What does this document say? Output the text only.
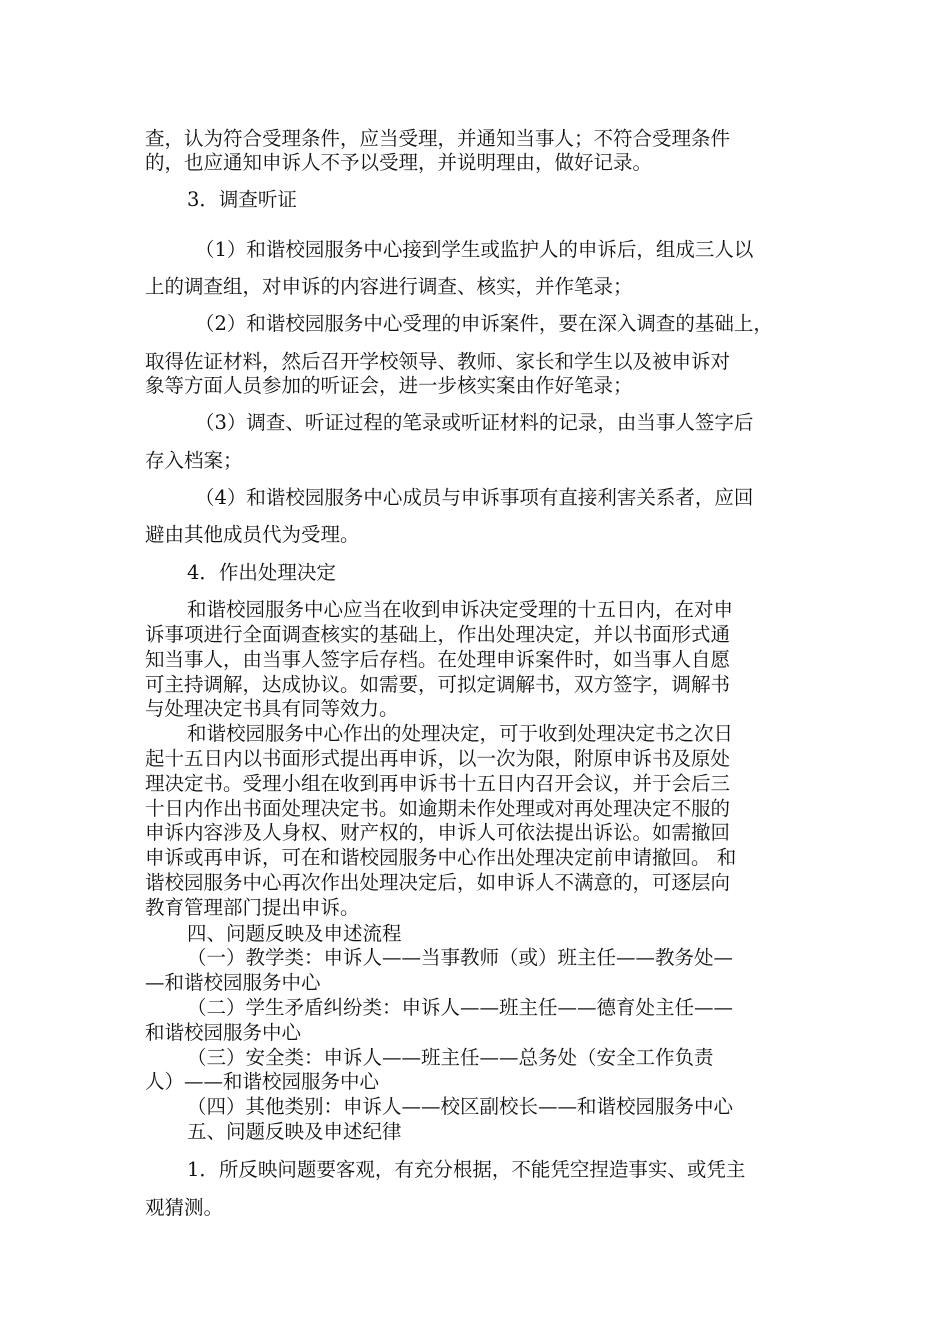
查，认为符合受理条件，应当受理，并通知当事人；不符合受理条件

的，也应通知申诉人不予以受理，并说明理由，做好记录。

3．调查听证

（1）和谐校园服务中心接到学生或监护人的申诉后，组成三人以

上的调查组，对申诉的内容进行调查、核实，并作笔录；

（2）和谐校园服务中心受理的申诉案件，要在深入调查的基础上，

取得佐证材料，然后召开学校领导、教师、家长和学生以及被申诉对

象等方面人员参加的听证会，进一步核实案由作好笔录；

（3）调查、听证过程的笔录或听证材料的记录，由当事人签字后

存入档案；

（4）和谐校园服务中心成员与申诉事项有直接利害关系者，应回

避由其他成员代为受理。

4．作出处理决定

和谐校园服务中心应当在收到申诉决定受理的十五日内，在对申

诉事项进行全面调查核实的基础上，作出处理决定，并以书面形式通

知当事人，由当事人签字后存档。在处理申诉案件时，如当事人自愿

可主持调解，达成协议。如需要，可拟定调解书，双方签字，调解书

与处理决定书具有同等效力。

和谐校园服务中心作出的处理决定，可于收到处理决定书之次日

起十五日内以书面形式提出再申诉，以一次为限，附原申诉书及原处

理决定书。受理小组在收到再申诉书十五日内召开会议，并于会后三

十日内作出书面处理决定书。如逾期未作处理或对再处理决定不服的

申诉内容涉及人身权、财产权的，申诉人可依法提出诉讼。如需撤回

申诉或再申诉，可在和谐校园服务中心作出处理决定前申请撤回。 和

谐校园服务中心再次作出处理决定后，如申诉人不满意的，可逐层向

教育管理部门提出申诉。

四、问题反映及申述流程

（一）教学类：申诉人——当事教师（或）班主任——教务处—

—和谐校园服务中心

（二）学生矛盾纠纷类：申诉人——班主任——德育处主任——

和谐校园服务中心

（三）安全类：申诉人——班主任——总务处（安全工作负责

人）——和谐校园服务中心

（四）其他类别：申诉人——校区副校长——和谐校园服务中心

五、问题反映及申述纪律

1．所反映问题要客观，有充分根据，不能凭空捏造事实、或凭主

观猜测。
